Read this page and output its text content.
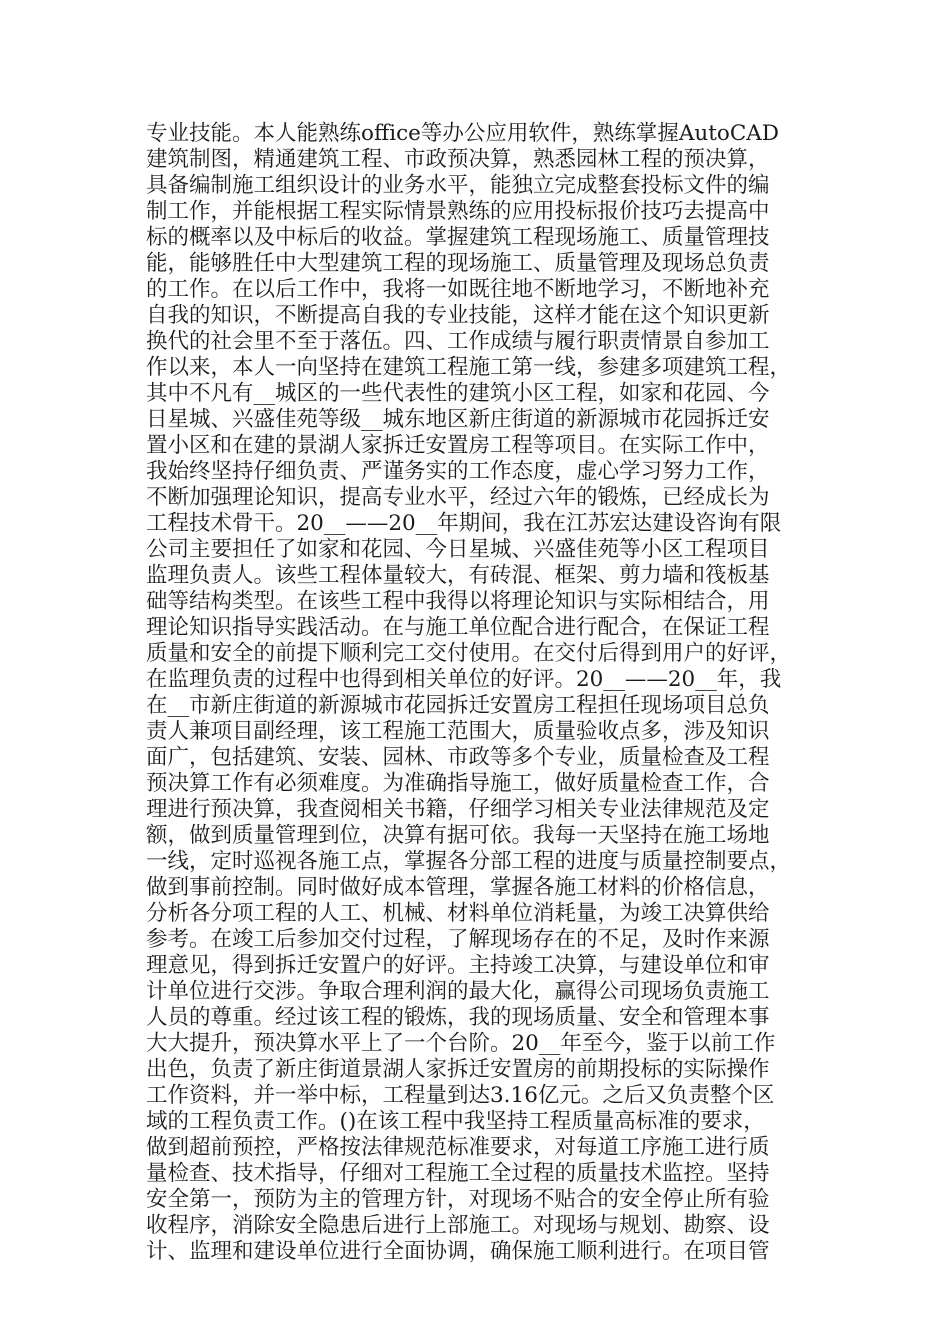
专业技能。本人能熟练office等办公应用软件，熟练掌握AutoCAD
建筑制图，精通建筑工程、市政预决算，熟悉园林工程的预决算，
具备编制施工组织设计的业务水平，能独立完成整套投标文件的编
制工作，并能根据工程实际情景熟练的应用投标报价技巧去提高中
标的概率以及中标后的收益。掌握建筑工程现场施工、质量管理技
能，能够胜任中大型建筑工程的现场施工、质量管理及现场总负责
的工作。在以后工作中，我将一如既往地不断地学习，不断地补充
自我的知识，不断提高自我的专业技能，这样才能在这个知识更新
换代的社会里不至于落伍。四、工作成绩与履行职责情景自参加工
作以来，本人一向坚持在建筑工程施工第一线，参建多项建筑工程，
其中不凡有__城区的一些代表性的建筑小区工程，如家和花园、今
日星城、兴盛佳苑等级__城东地区新庄街道的新源城市花园拆迁安
置小区和在建的景湖人家拆迁安置房工程等项目。在实际工作中，
我始终坚持仔细负责、严谨务实的工作态度，虚心学习努力工作，
不断加强理论知识，提高专业水平，经过六年的锻炼，已经成长为
工程技术骨干。20__——20__年期间，我在江苏宏达建设咨询有限
公司主要担任了如家和花园、今日星城、兴盛佳苑等小区工程项目
监理负责人。该些工程体量较大，有砖混、框架、剪力墙和筏板基
础等结构类型。在该些工程中我得以将理论知识与实际相结合，用
理论知识指导实践活动。在与施工单位配合进行配合，在保证工程
质量和安全的前提下顺利完工交付使用。在交付后得到用户的好评，
在监理负责的过程中也得到相关单位的好评。20__——20__年，我
在__市新庄街道的新源城市花园拆迁安置房工程担任现场项目总负
责人兼项目副经理，该工程施工范围大，质量验收点多，涉及知识
面广，包括建筑、安装、园林、市政等多个专业，质量检查及工程
预决算工作有必须难度。为准确指导施工，做好质量检查工作，合
理进行预决算，我查阅相关书籍，仔细学习相关专业法律规范及定
额，做到质量管理到位，决算有据可依。我每一天坚持在施工场地
一线，定时巡视各施工点，掌握各分部工程的进度与质量控制要点，
做到事前控制。同时做好成本管理，掌握各施工材料的价格信息，
分析各分项工程的人工、机械、材料单位消耗量，为竣工决算供给
参考。在竣工后参加交付过程，了解现场存在的不足，及时作来源
理意见，得到拆迁安置户的好评。主持竣工决算，与建设单位和审
计单位进行交涉。争取合理利润的最大化，赢得公司现场负责施工
人员的尊重。经过该工程的锻炼，我的现场质量、安全和管理本事
大大提升，预决算水平上了一个台阶。20__年至今，鉴于以前工作
出色，负责了新庄街道景湖人家拆迁安置房的前期投标的实际操作
工作资料，并一举中标，工程量到达3.16亿元。之后又负责整个区
域的工程负责工作。()在该工程中我坚持工程质量高标准的要求，
做到超前预控，严格按法律规范标准要求，对每道工序施工进行质
量检查、技术指导，仔细对工程施工全过程的质量技术监控。坚持
安全第一，预防为主的管理方针，对现场不贴合的安全停止所有验
收程序，消除安全隐患后进行上部施工。对现场与规划、勘察、设
计、监理和建设单位进行全面协调，确保施工顺利进行。在项目管
